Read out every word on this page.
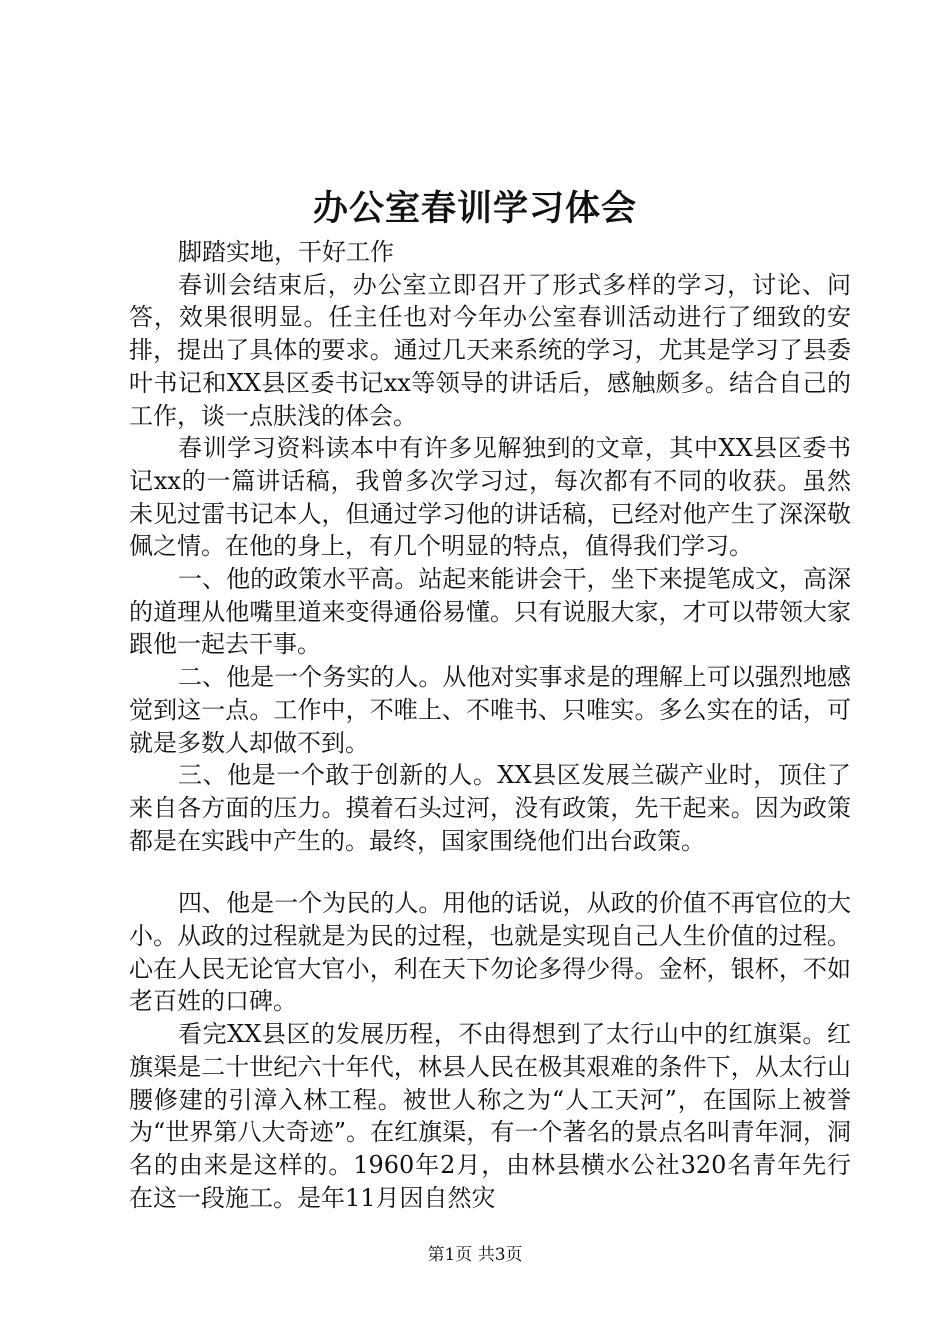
办公室春训学习体会

脚踏实地，干好工作

春训会结束后，办公室立即召开了形式多样的学习，讨论、问答，效果很明显。任主任也对今年办公室春训活动进行了细致的安排，提出了具体的要求。通过几天来系统的学习，尤其是学习了县委叶书记和XX县区委书记xx等领导的讲话后，感触颇多。结合自己的工作，谈一点肤浅的体会。

春训学习资料读本中有许多见解独到的文章，其中XX县区委书记xx的一篇讲话稿，我曾多次学习过，每次都有不同的收获。虽然未见过雷书记本人，但通过学习他的讲话稿，已经对他产生了深深敬佩之情。在他的身上，有几个明显的特点，值得我们学习。

一、他的政策水平高。站起来能讲会干，坐下来提笔成文，高深的道理从他嘴里道来变得通俗易懂。只有说服大家，才可以带领大家跟他一起去干事。

二、他是一个务实的人。从他对实事求是的理解上可以强烈地感觉到这一点。工作中，不唯上、不唯书、只唯实。多么实在的话，可就是多数人却做不到。

三、他是一个敢于创新的人。XX县区发展兰碳产业时，顶住了来自各方面的压力。摸着石头过河，没有政策，先干起来。因为政策都是在实践中产生的。最终，国家围绕他们出台政策。

四、他是一个为民的人。用他的话说，从政的价值不再官位的大小。从政的过程就是为民的过程，也就是实现自己人生价值的过程。心在人民无论官大官小，利在天下勿论多得少得。金杯，银杯，不如老百姓的口碑。

看完XX县区的发展历程，不由得想到了太行山中的红旗渠。红旗渠是二十世纪六十年代，林县人民在极其艰难的条件下，从太行山腰修建的引漳入林工程。被世人称之为“人工天河”，在国际上被誉为“世界第八大奇迹”。在红旗渠，有一个著名的景点名叫青年洞，洞名的由来是这样的。1960年2月，由林县横水公社320名青年先行在这一段施工。是年11月因自然灾

第1页 共3页
